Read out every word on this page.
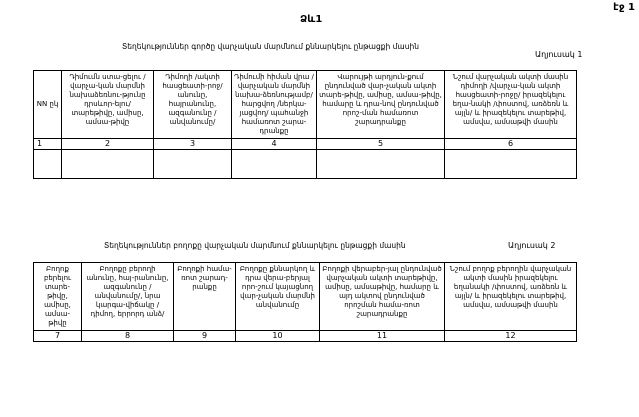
էջ 1
Ձև1
Տեղեկություններ գործը վարչական մարմնում քննարկելու ընթացքի մասին
Աղյուսակ 1
NN ըկ	Դիմումն ստա-ցելու /վարչա-կան մարմնի նախաձեռնու-թյունը դրսևոր-ելու/ տարեթիվը, ամիսը, ամսա-թիվը	Դիմողի /ակտի հասցեատի-րոջ/ անունը, հայրանունը, ազգանունը /անվանումը/	Դիմումի հիման վրա /վարչական մարմնի նախա-ձեռնությամբ/ հարցվող /ներկա-յացվող/ պահանջի համառոտ շարա-դրանքը	Վարույթի արդյուն-քում ընդունված վար-չական ակտի տարե-թիվը, ամիսը, ամսա-թիվը, համարը և դրա-նով ընդունված որոշ-ման համառոտ շարադրանքը	Նշում վարչական ակտի մասին դիմողի /վարչա-կան ակտի հասցեատի-րոջը/ իրազեկելու եղա-նակի /փոստով, առձեռն և այլն/ և իրազեկելու տարեթիվ, ամսվա, ամսաթվի մասին
1	2	3	4	5	6

Տեղեկություններ բողոքը վարչական մարմնում քննարկելու ընթացքի մասին	Աղյուսակ 2
Բողոք բերելու տարե-թիվը, ամիսը, ամսա-թիվը	Բողոքը բերողի անունը, հայ-րանունը, ազգանունը /անվանումը/, նրա կարգա-վիճակը /դիմող, երրորդ անձ/	Բողոքի համա-ռոտ շարադ-րանքը	Բողոքը քննարկող և դրա վերա-բերյալ որո-շում կայացնող վար-չական մարմնի անվանումը	Բողոքի վերաբեր-յալ ընդունված վարչական ակտի տարեթիվը, ամիսը, ամսաթիվը, համարը և այդ ակտով ընդունված որոշման համա-ռոտ շարադրանքը	Նշում բողոք բերողին վարչական ակտի մասին իրազեկելու եղանակի /փոստով, առձեռն և այլն/ և իրազեկելու տարեթիվ, ամսվա, ամսաթվի մասին
7	8	9	10	11	12
